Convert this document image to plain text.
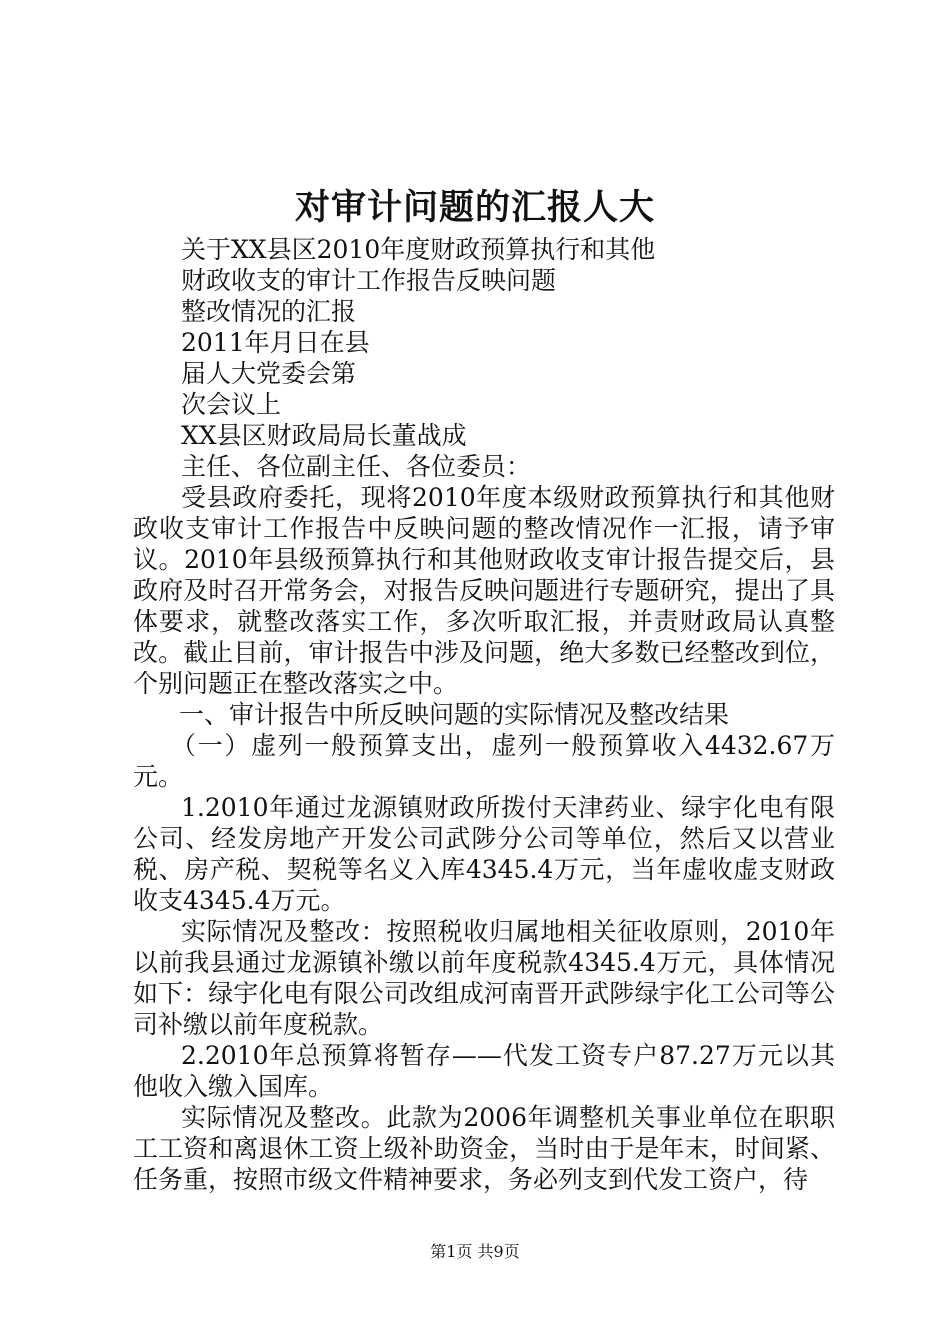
对审计问题的汇报人大

关于XX县区2010年度财政预算执行和其他

财政收支的审计工作报告反映问题

整改情况的汇报

2011年月日在县

届人大党委会第

次会议上

XX县区财政局局长董战成

主任、各位副主任、各位委员：

受县政府委托，现将2010年度本级财政预算执行和其他财政收支审计工作报告中反映问题的整改情况作一汇报，请予审议。2010年县级预算执行和其他财政收支审计报告提交后，县政府及时召开常务会，对报告反映问题进行专题研究，提出了具体要求，就整改落实工作，多次听取汇报，并责财政局认真整改。截止目前，审计报告中涉及问题，绝大多数已经整改到位，个别问题正在整改落实之中。

一、审计报告中所反映问题的实际情况及整改结果

（一）虚列一般预算支出，虚列一般预算收入4432.67万元。

1.2010年通过龙源镇财政所拨付天津药业、绿宇化电有限公司、经发房地产开发公司武陟分公司等单位，然后又以营业税、房产税、契税等名义入库4345.4万元，当年虚收虚支财政收支4345.4万元。

实际情况及整改：按照税收归属地相关征收原则，2010年以前我县通过龙源镇补缴以前年度税款4345.4万元，具体情况如下：绿宇化电有限公司改组成河南晋开武陟绿宇化工公司等公司补缴以前年度税款。

2.2010年总预算将暂存——代发工资专户87.27万元以其他收入缴入国库。

实际情况及整改。此款为2006年调整机关事业单位在职职工工资和离退休工资上级补助资金，当时由于是年末，时间紧、任务重，按照市级文件精神要求，务必列支到代发工资户，待

第1页 共9页
